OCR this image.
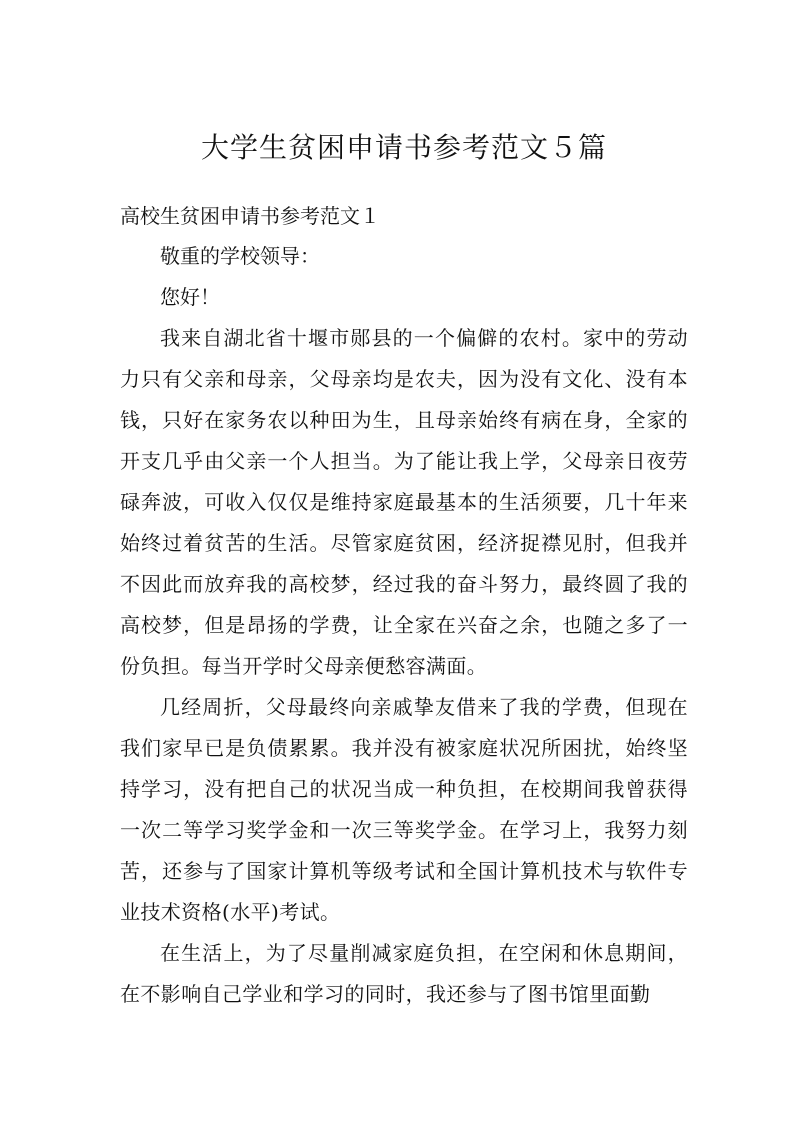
大学生贫困申请书参考范文５篇
高校生贫困申请书参考范文１

敬重的学校领导：

您好！

我来自湖北省十堰市郧县的一个偏僻的农村。家中的劳动力只有父亲和母亲，父母亲均是农夫，因为没有文化、没有本钱，只好在家务农以种田为生，且母亲始终有病在身，全家的开支几乎由父亲一个人担当。为了能让我上学，父母亲日夜劳碌奔波，可收入仅仅是维持家庭最基本的生活须要，几十年来始终过着贫苦的生活。尽管家庭贫困，经济捉襟见肘，但我并不因此而放弃我的高校梦，经过我的奋斗努力，最终圆了我的高校梦，但是昂扬的学费，让全家在兴奋之余，也随之多了一份负担。每当开学时父母亲便愁容满面。

几经周折，父母最终向亲戚挚友借来了我的学费，但现在我们家早已是负债累累。我并没有被家庭状况所困扰，始终坚持学习，没有把自己的状况当成一种负担，在校期间我曾获得一次二等学习奖学金和一次三等奖学金。在学习上，我努力刻苦，还参与了国家计算机等级考试和全国计算机技术与软件专业技术资格(水平)考试。

在生活上，为了尽量削减家庭负担，在空闲和休息期间，在不影响自己学业和学习的同时，我还参与了图书馆里面勤
